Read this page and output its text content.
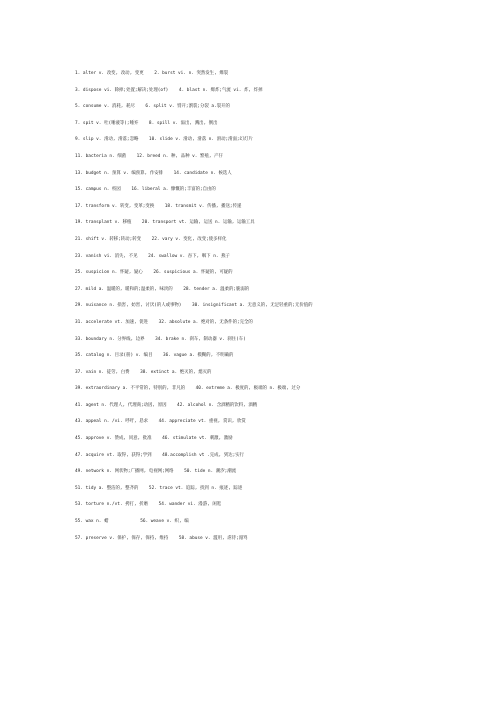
1. alter v. 改变, 改动, 变更    2. burst vi. n. 突然发生, 爆裂
3. dispose vi. 除掉;处置;解决;处理(of)    4. blast n. 爆炸;气流 vi. 炸, 炸掉
5. consume v. 消耗, 耗尽    6. split v. 劈开;割裂;分裂 a.裂开的
7. spit v. 吐(唾液等);唾弃    8. spill v. 溢出, 溅出, 倒出
9. slip v. 滑动, 滑落;忽略    10. slide v. 滑动, 滑落 n. 滑动;滑面;幻灯片
11. bacteria n. 细菌    12. breed n. 种, 品种 v. 繁殖, 产仔
13. budget n. 预算 v. 编预算, 作安排    14. candidate n. 候选人
15. campus n. 校园    16. liberal a. 慷慨的;丰富的;自由的
17. transform v. 转变, 变革;变换    18. transmit v. 传播, 播送;传递
19. transplant v. 移植    20. transport vt. 运输, 运送 n. 运输, 运输工具
21. shift v. 转移;转动;转变    22. vary v. 变化, 改变;使多样化
23. vanish vi. 消失, 不见    24. swallow v. 吞下, 咽下 n. 燕子
25. suspicion n. 怀疑, 疑心    26. suspicious a. 怀疑的, 可疑的
27. mild a. 温暖的, 暖和的;温柔的, 味淡的    28. tender a. 温柔的;脆弱的
29. nuisance n. 损害, 妨害, 讨厌(的人或事物)    30. insignificant a. 无意义的, 无足轻重的;无价值的
31. accelerate vt. 加速, 促进    32. absolute a. 绝对的, 无条件的;完全的
33. boundary n. 分界线, 边界    34. brake n. 刹车, 制动器 v. 刹住(车)
35. catalog n. 目录(册) v. 编目    36. vague a. 模糊的, 不明确的
37. vain n. 徒劳, 白费    38. extinct a. 绝灭的, 熄灭的
39. extraordinary a. 不平常的, 特别的, 非凡的    40. extreme a. 极度的, 极端的 n. 极端, 过分
41. agent n. 代理人, 代理商;动因, 原因    42. alcohol n. 含酒精的饮料, 酒精
43. appeal n. /vi. 呼吁, 恳求    44. appreciate vt. 重视, 赏识, 欣赏
45. approve v. 赞成, 同意, 批准    46. stimulate vt. 刺激, 激励
47. acquire vt. 取得, 获得;学到    48.accomplish vt .完成, 到达;实行
49. network n. 网状物;广播网, 电视网;网络    50. tide n. 潮汐;潮流
51. tidy a. 整洁的, 整齐的    52. trace vt. 追踪, 找到 n. 痕迹, 踪迹
53. torture n./vt. 拷打, 折磨    54. wander vi. 漫游, 闲逛
55. wax n. 蜡            56. weave v. 织, 编
57. preserve v. 保护, 保存, 保持, 维持    58. abuse v. 滥用, 虐待;谩骂
